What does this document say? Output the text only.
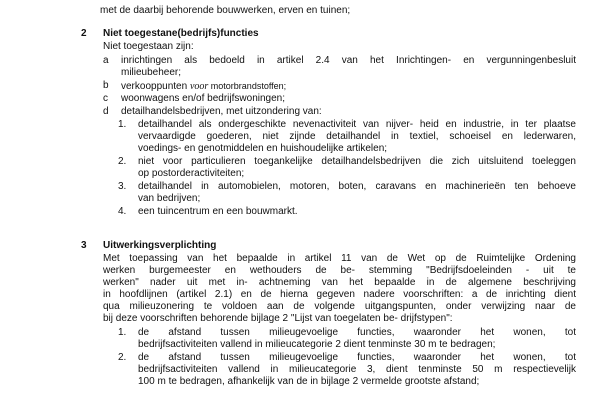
met de daarbij behorende bouwwerken, erven en tuinen;
2 Niet toegestane(bedrijfs)functies
Niet toegestaan zijn:
a inrichtingen als bedoeld in artikel 2.4 van het Inrichtingen- en vergunningenbesluit
milieubeheer;
b verkooppunten voor motorbrandstoffen;
c woonwagens en/of bedrijfswoningen;
d detailhandelsbedrijven, met uitzondering van:
1. detailhandel als ondergeschikte nevenactiviteit van nijver- heid en industrie, in ter plaatse
vervaardigde goederen, niet zijnde detailhandel in textiel, schoeisel en lederwaren,
voedings- en genotmiddelen en huishoudelijke artikelen;
2. niet voor particulieren toegankelijke detailhandelsbedrijven die zich uitsluitend toeleggen
op postorderactiviteiten;
3. detailhandel in automobielen, motoren, boten, caravans en machinerieën ten behoeve
van bedrijven;
4. een tuincentrum en een bouwmarkt.
3 Uitwerkingsverplichting
Met toepassing van het bepaalde in artikel 11 van de Wet op de Ruimtelijke Ordening
werken burgemeester en wethouders de be- stemming "Bedrijfsdoeleinden - uit te
werken" nader uit met in- achtneming van het bepaalde in de algemene beschrijving
in hoofdlijnen (artikel 2.1) en de hierna gegeven nadere voorschriften: a de inrichting dient
qua milieuzonering te voldoen aan de volgende uitgangspunten, onder verwijzing naar de
bij deze voorschriften behorende bijlage 2 "Lijst van toegelaten be- drijfstypen":
1. de afstand tussen milieugevoelige functies, waaronder het wonen, tot
bedrijfsactiviteiten vallend in milieucategorie 2 dient tenminste 30 m te bedragen;
2. de afstand tussen milieugevoelige functies, waaronder het wonen, tot
bedrijfsactiviteiten vallend in milieucategorie 3, dient tenminste 50 m respectievelijk
100 m te bedragen, afhankelijk van de in bijlage 2 vermelde grootste afstand;
